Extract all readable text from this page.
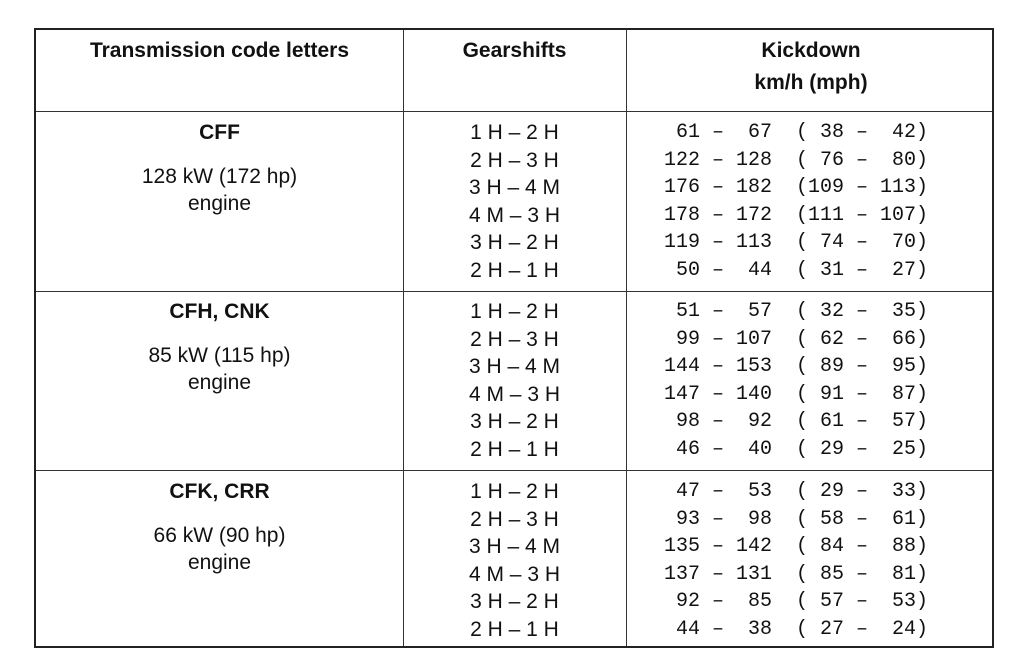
Transmission code letters	Gearshifts	Kickdown
km/h (mph)
CFF
128 kW (172 hp)
engine
1 H – 2 H
2 H – 3 H
3 H – 4 M
4 M – 3 H
3 H – 2 H
2 H – 1 H
61 –  67  ( 38 –  42)
122 – 128  ( 76 –  80)
176 – 182  (109 – 113)
178 – 172  (111 – 107)
119 – 113  ( 74 –  70)
50 –  44  ( 31 –  27)
CFH, CNK
85 kW (115 hp)
engine
1 H – 2 H
2 H – 3 H
3 H – 4 M
4 M – 3 H
3 H – 2 H
2 H – 1 H
51 –  57  ( 32 –  35)
99 – 107  ( 62 –  66)
144 – 153  ( 89 –  95)
147 – 140  ( 91 –  87)
98 –  92  ( 61 –  57)
46 –  40  ( 29 –  25)
CFK, CRR
66 kW (90 hp)
engine
1 H – 2 H
2 H – 3 H
3 H – 4 M
4 M – 3 H
3 H – 2 H
2 H – 1 H
47 –  53  ( 29 –  33)
93 –  98  ( 58 –  61)
135 – 142  ( 84 –  88)
137 – 131  ( 85 –  81)
92 –  85  ( 57 –  53)
44 –  38  ( 27 –  24)
